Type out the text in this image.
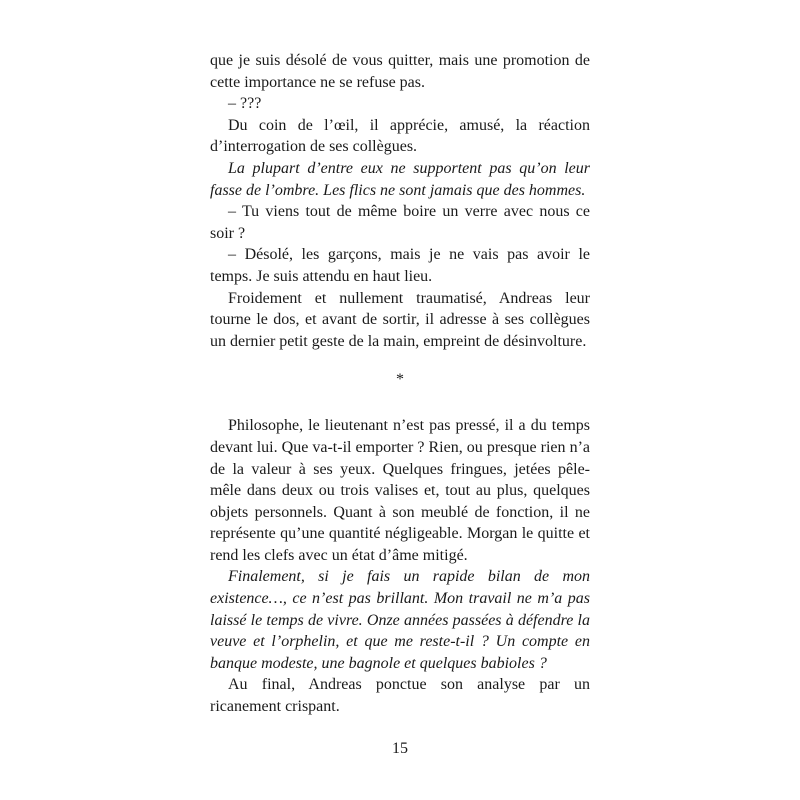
que je suis désolé de vous quitter, mais une promotion de cette importance ne se refuse pas.

– ???

Du coin de l’œil, il apprécie, amusé, la réaction d’interrogation de ses collègues.

La plupart d’entre eux ne supportent pas qu’on leur fasse de l’ombre. Les flics ne sont jamais que des hommes.

– Tu viens tout de même boire un verre avec nous ce soir ?

– Désolé, les garçons, mais je ne vais pas avoir le temps. Je suis attendu en haut lieu.

Froidement et nullement traumatisé, Andreas leur tourne le dos, et avant de sortir, il adresse à ses collègues un dernier petit geste de la main, empreint de désinvolture.

*

Philosophe, le lieutenant n’est pas pressé, il a du temps devant lui. Que va-t-il emporter ? Rien, ou presque rien n’a de la valeur à ses yeux. Quelques fringues, jetées pêle-mêle dans deux ou trois valises et, tout au plus, quelques objets personnels. Quant à son meublé de fonction, il ne représente qu’une quantité négligeable. Morgan le quitte et rend les clefs avec un état d’âme mitigé.

Finalement, si je fais un rapide bilan de mon existence…, ce n’est pas brillant. Mon travail ne m’a pas laissé le temps de vivre. Onze années passées à défendre la veuve et l’orphelin, et que me reste-t-il ? Un compte en banque modeste, une bagnole et quelques babioles ?

Au final, Andreas ponctue son analyse par un ricanement crispant.

15
